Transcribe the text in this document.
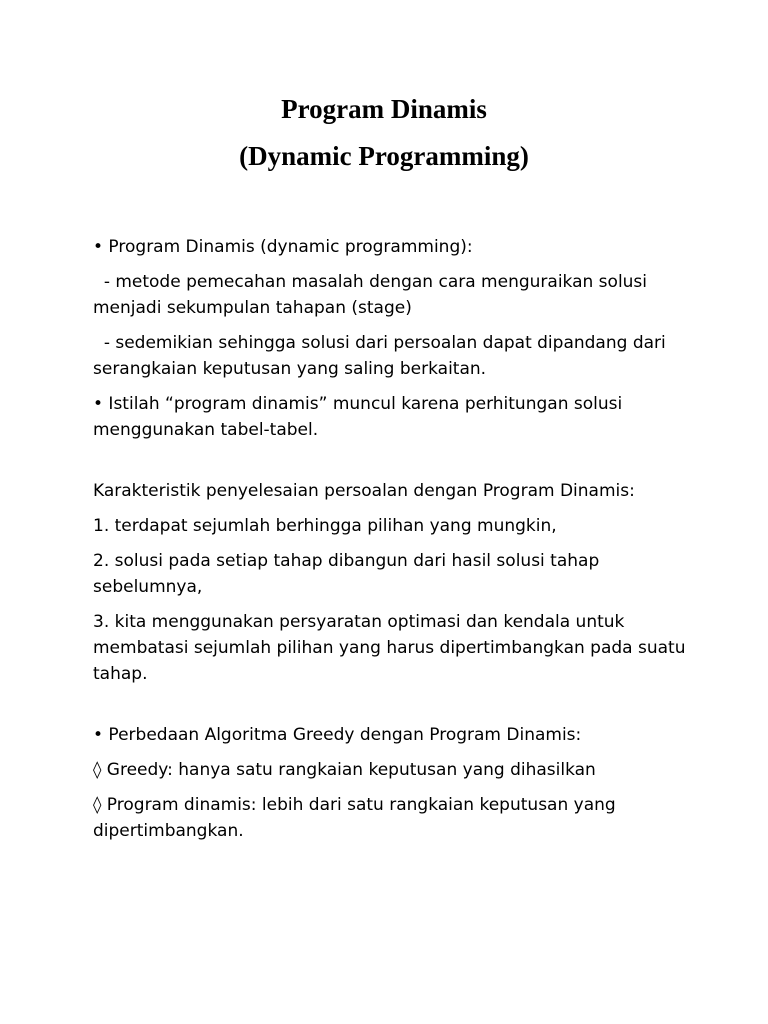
Program Dinamis
(Dynamic Programming)

• Program Dinamis (dynamic programming):

- metode pemecahan masalah dengan cara menguraikan solusi menjadi sekumpulan tahapan (stage)

- sedemikian sehingga solusi dari persoalan dapat dipandang dari serangkaian keputusan yang saling berkaitan.

• Istilah “program dinamis” muncul karena perhitungan solusi menggunakan tabel-tabel.

Karakteristik penyelesaian persoalan dengan Program Dinamis:

1. terdapat sejumlah berhingga pilihan yang mungkin,

2. solusi pada setiap tahap dibangun dari hasil solusi tahap sebelumnya,

3. kita menggunakan persyaratan optimasi dan kendala untuk membatasi sejumlah pilihan yang harus dipertimbangkan pada suatu tahap.

• Perbedaan Algoritma Greedy dengan Program Dinamis:

◊ Greedy: hanya satu rangkaian keputusan yang dihasilkan

◊ Program dinamis: lebih dari satu rangkaian keputusan yang dipertimbangkan.
